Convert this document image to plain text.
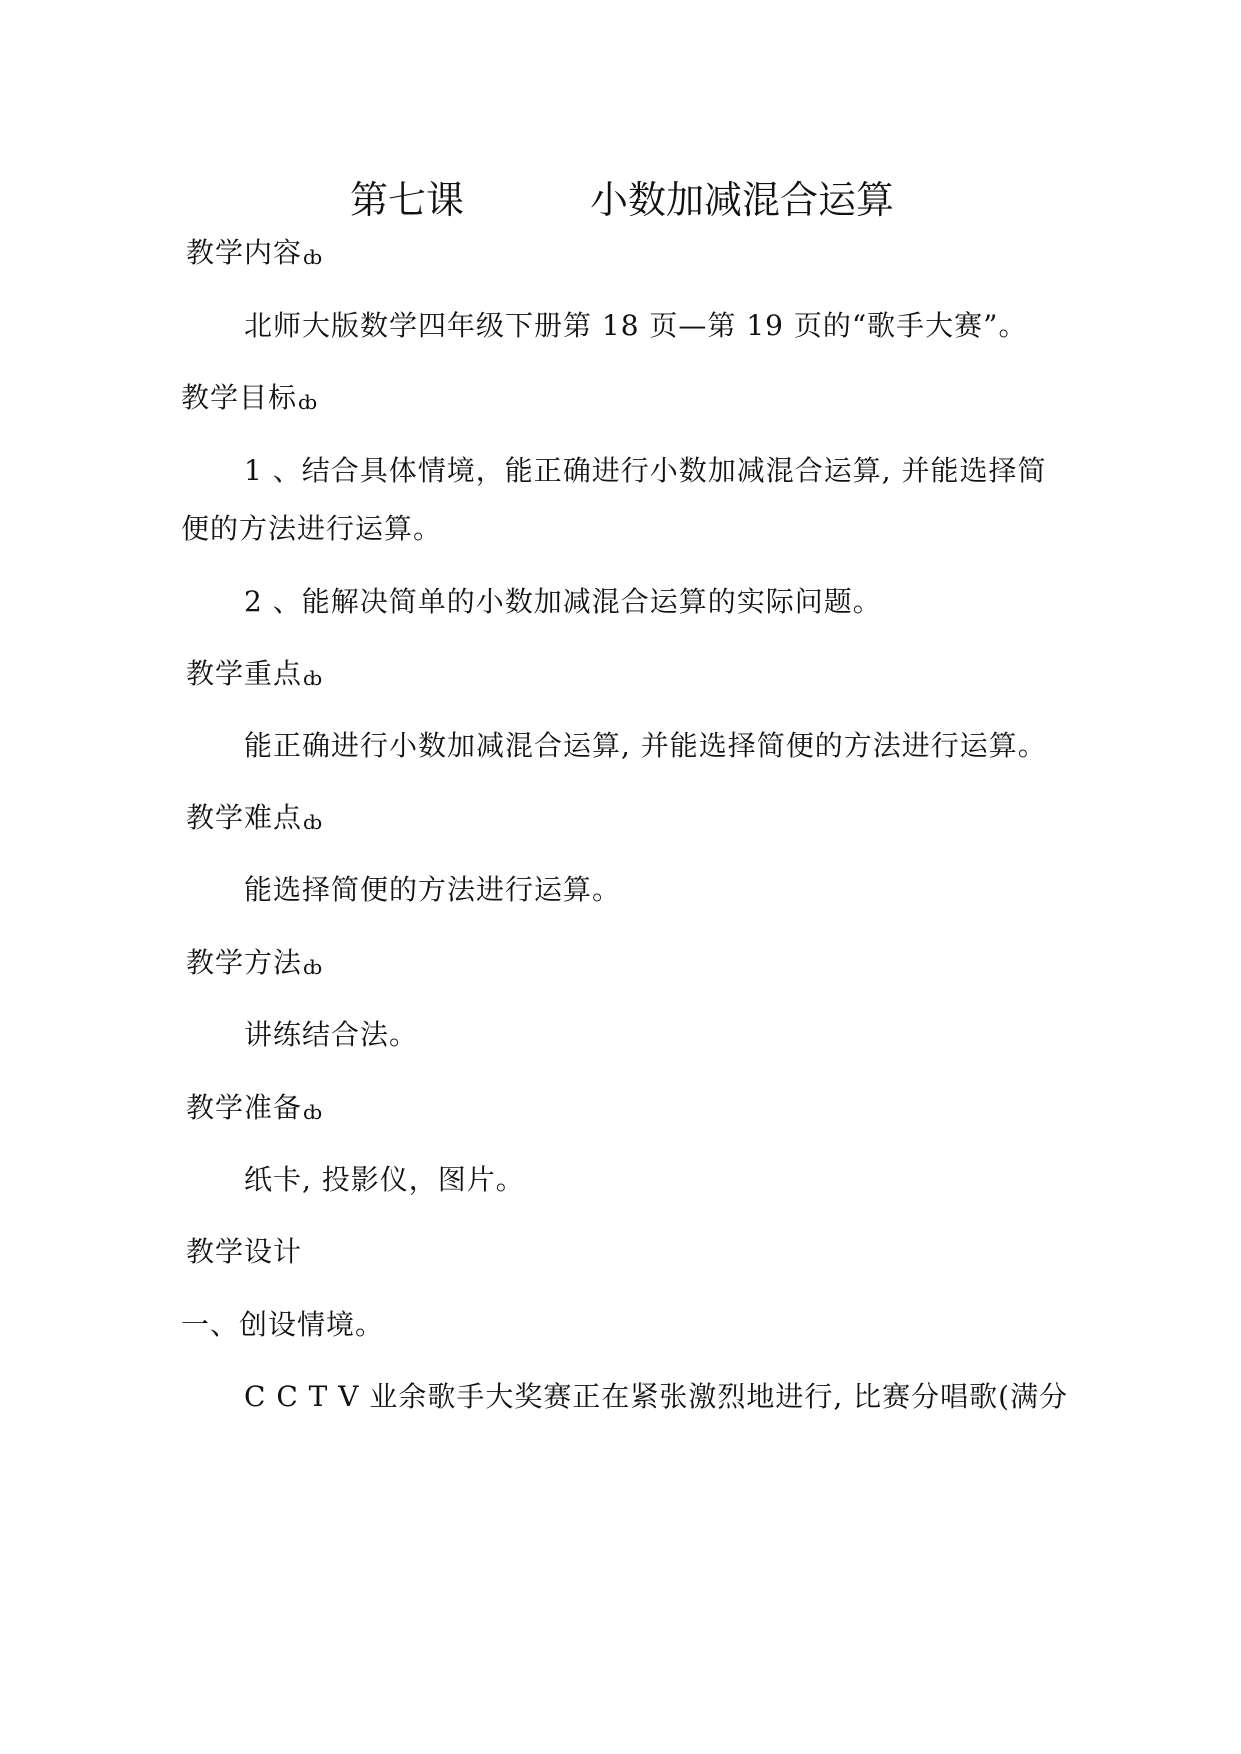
第七课	小数加减混合运算
教学内容ȸ
北师大版数学四年级下册第 18 页—第 19 页的“歌手大赛”。
教学目标ȸ
1 、结合具体情境，能正确进行小数加减混合运算, 并能选择简
便的方法进行运算。
2 、能解决简单的小数加减混合运算的实际问题。
教学重点ȸ
能正确进行小数加减混合运算, 并能选择简便的方法进行运算。
教学难点ȸ
能选择简便的方法进行运算。
教学方法ȸ
讲练结合法。
教学准备ȸ
纸卡, 投影仪，图片。
教学设计
一、创设情境。
C C T V 业余歌手大奖赛正在紧张激烈地进行, 比赛分唱歌(满分
